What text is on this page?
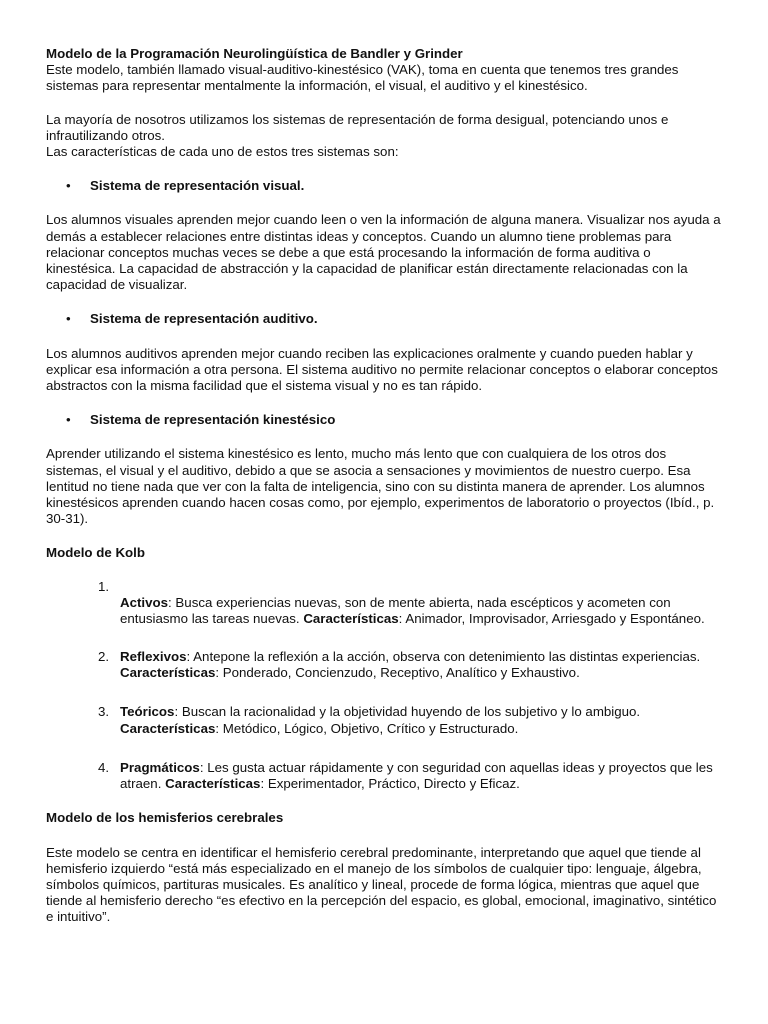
Modelo de la Programación Neurolingüística de Bandler y Grinder

Este modelo, también llamado visual-auditivo-kinestésico (VAK), toma en cuenta que tenemos tres grandes sistemas para representar mentalmente la información, el visual, el auditivo y el kinestésico.

La mayoría de nosotros utilizamos los sistemas de representación de forma desigual, potenciando unos e infrautilizando otros.

Las características de cada uno de estos tres sistemas son:

• Sistema de representación visual.

Los alumnos visuales aprenden mejor cuando leen o ven la información de alguna manera. Visualizar nos ayuda a demás a establecer relaciones entre distintas ideas y conceptos. Cuando un alumno tiene problemas para relacionar conceptos muchas veces se debe a que está procesando la información de forma auditiva o kinestésica. La capacidad de abstracción y la capacidad de planificar están directamente relacionadas con la capacidad de visualizar.

• Sistema de representación auditivo.

Los alumnos auditivos aprenden mejor cuando reciben las explicaciones oralmente y cuando pueden hablar y explicar esa información a otra persona. El sistema auditivo no permite relacionar conceptos o elaborar conceptos abstractos con la misma facilidad que el sistema visual y no es tan rápido.

• Sistema de representación kinestésico

Aprender utilizando el sistema kinestésico es lento, mucho más lento que con cualquiera de los otros dos sistemas, el visual y el auditivo, debido a que se asocia a sensaciones y movimientos de nuestro cuerpo. Esa lentitud no tiene nada que ver con la falta de inteligencia, sino con su distinta manera de aprender. Los alumnos kinestésicos aprenden cuando hacen cosas como, por ejemplo, experimentos de laboratorio o proyectos (Ibíd., p. 30-31).

Modelo de Kolb

1.
Activos: Busca experiencias nuevas, son de mente abierta, nada escépticos y acometen con entusiasmo las tareas nuevas. Características: Animador, Improvisador, Arriesgado y Espontáneo.
2. Reflexivos: Antepone la reflexión a la acción, observa con detenimiento las distintas experiencias. Características: Ponderado, Concienzudo, Receptivo, Analítico y Exhaustivo.
3. Teóricos: Buscan la racionalidad y la objetividad huyendo de los subjetivo y lo ambiguo. Características: Metódico, Lógico, Objetivo, Crítico y Estructurado.
4. Pragmáticos: Les gusta actuar rápidamente y con seguridad con aquellas ideas y proyectos que les atraen. Características: Experimentador, Práctico, Directo y Eficaz.

Modelo de los hemisferios cerebrales

Este modelo se centra en identificar el hemisferio cerebral predominante, interpretando que aquel que tiende al hemisferio izquierdo “está más especializado en el manejo de los símbolos de cualquier tipo: lenguaje, álgebra, símbolos químicos, partituras musicales. Es analítico y lineal, procede de forma lógica, mientras que aquel que tiende al hemisferio derecho “es efectivo en la percepción del espacio, es global, emocional, imaginativo, sintético e intuitivo”.
